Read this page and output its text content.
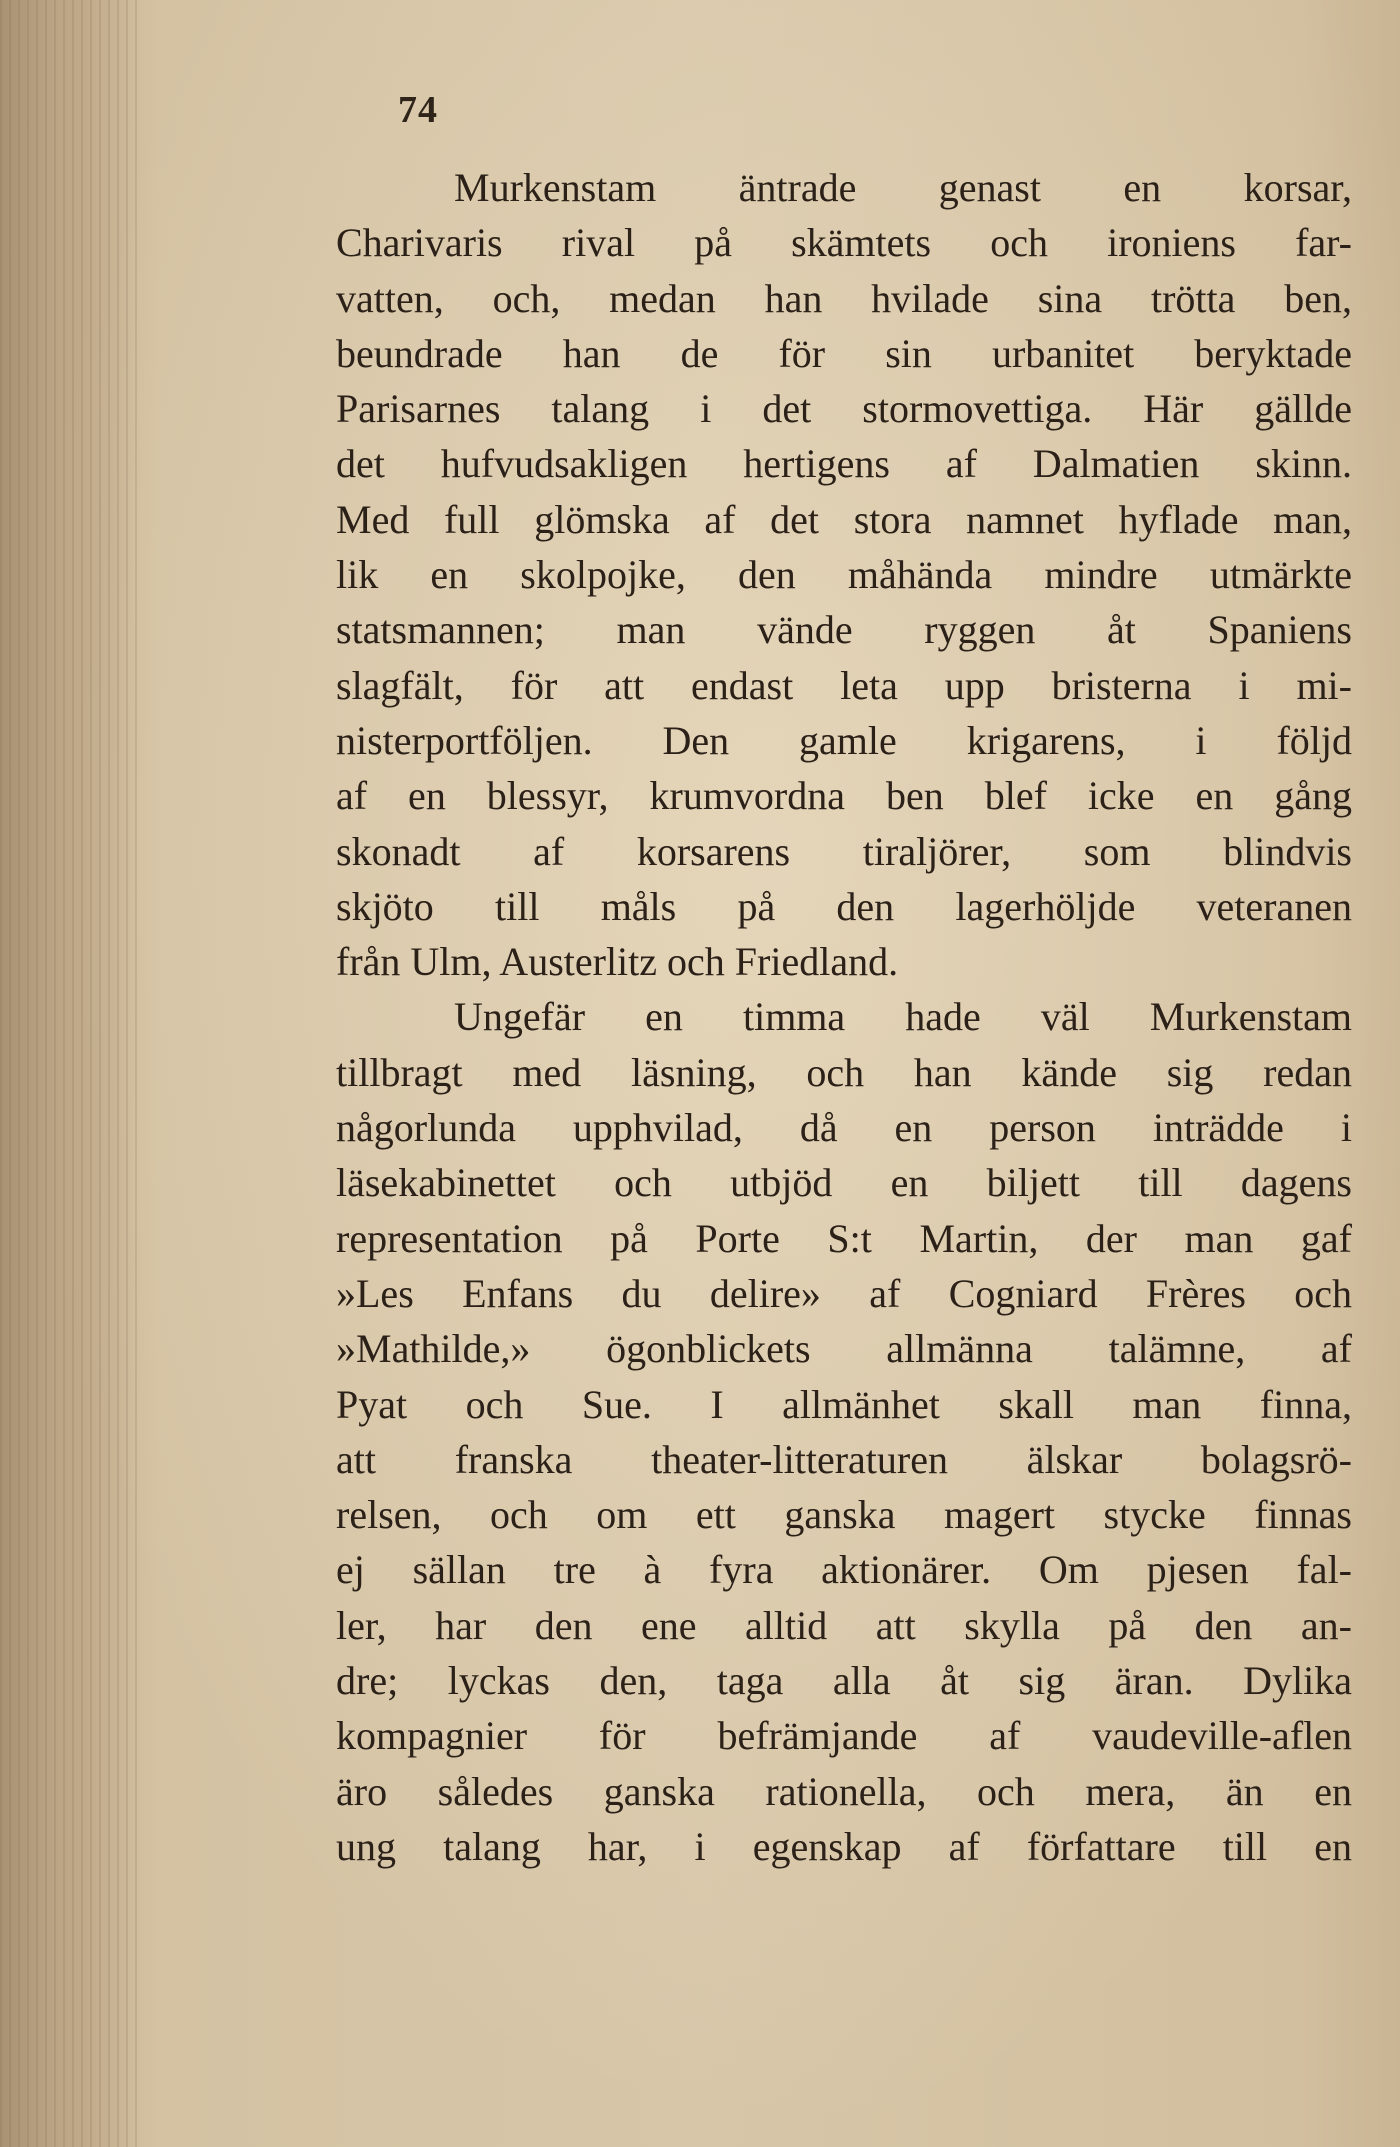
74
Murkenstam äntrade genast en korsar,
Charivaris rival på skämtets och ironiens far-
vatten, och, medan han hvilade sina trötta ben,
beundrade han de för sin urbanitet beryktade
Parisarnes talang i det stormovettiga. Här gällde
det hufvudsakligen hertigens af Dalmatien skinn.
Med full glömska af det stora namnet hyflade man,
lik en skolpojke, den måhända mindre utmärkte
statsmannen; man vände ryggen åt Spaniens
slagfält, för att endast leta upp bristerna i mi-
nisterportföljen. Den gamle krigarens, i följd
af en blessyr, krumvordna ben blef icke en gång
skonadt af korsarens tiraljörer, som blindvis
skjöto till måls på den lagerhöljde veteranen
från Ulm, Austerlitz och Friedland.
Ungefär en timma hade väl Murkenstam
tillbragt med läsning, och han kände sig redan
någorlunda upphvilad, då en person inträdde i
läsekabinettet och utbjöd en biljett till dagens
representation på Porte S:t Martin, der man gaf
»Les Enfans du delire» af Cogniard Frères och
»Mathilde,» ögonblickets allmänna talämne, af
Pyat och Sue. I allmänhet skall man finna,
att franska theater-litteraturen älskar bolagsrö-
relsen, och om ett ganska magert stycke finnas
ej sällan tre à fyra aktionärer. Om pjesen fal-
ler, har den ene alltid att skylla på den an-
dre; lyckas den, taga alla åt sig äran. Dylika
kompagnier för befrämjande af vaudeville-aflen
äro således ganska rationella, och mera, än en
ung talang har, i egenskap af författare till en
